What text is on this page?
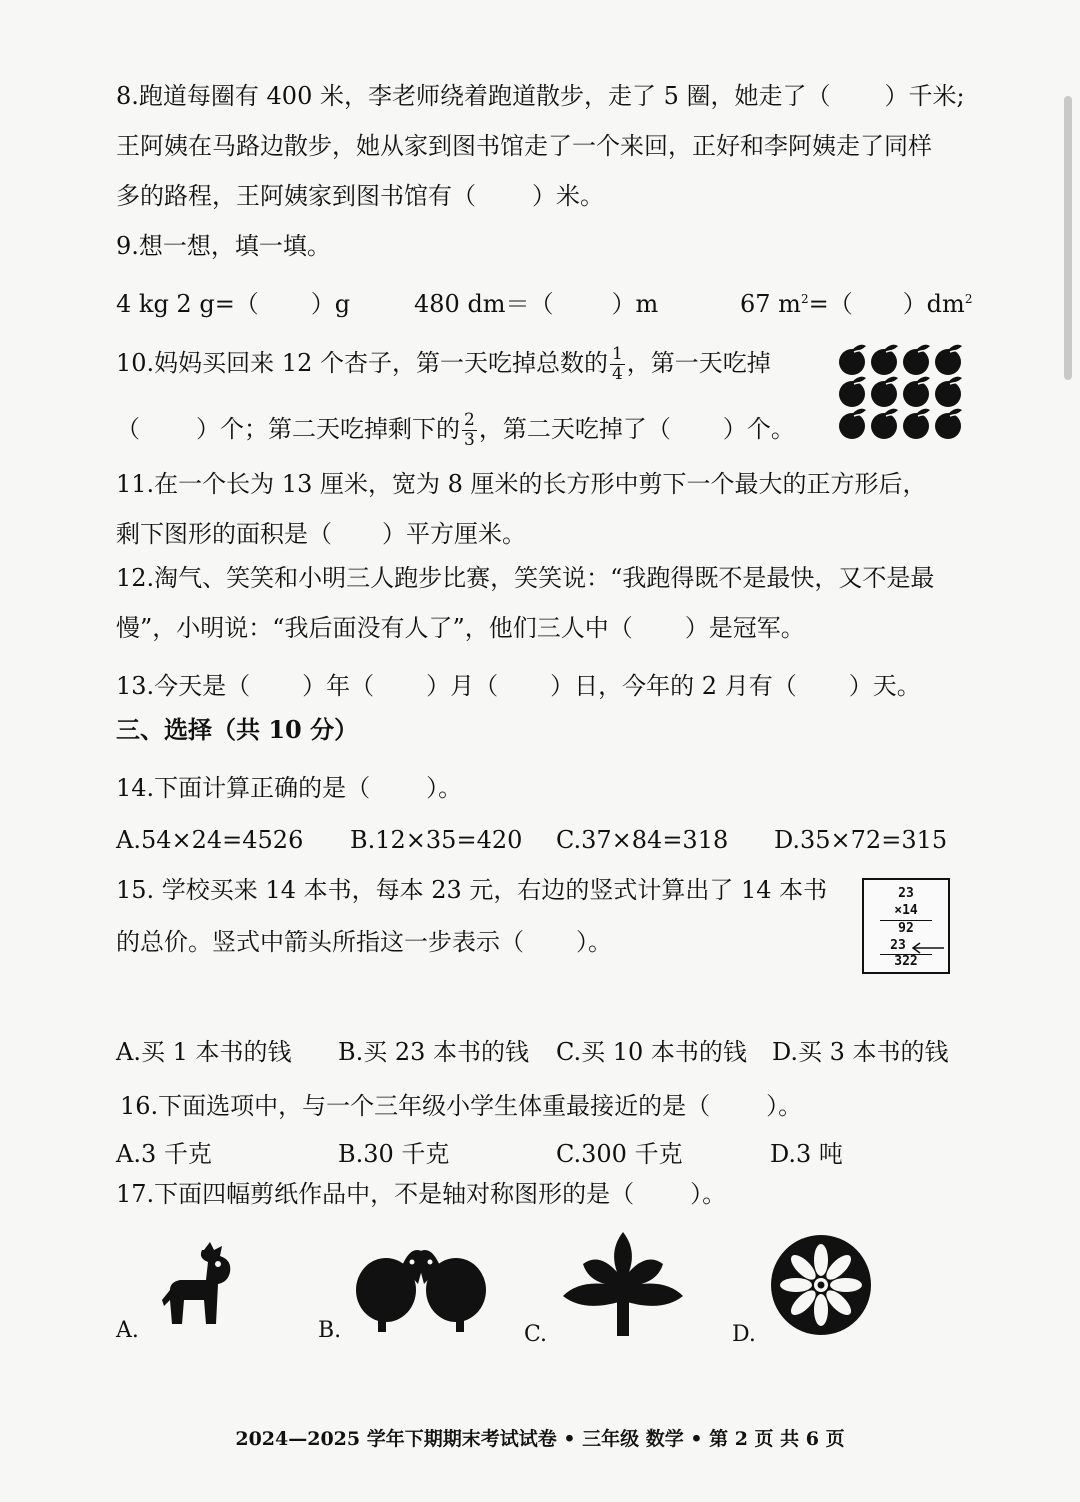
8.跑道每圈有 400 米，李老师绕着跑道散步，走了 5 圈，她走了（ ）千米;
王阿姨在马路边散步，她从家到图书馆走了一个来回，正好和李阿姨走了同样
多的路程，王阿姨家到图书馆有（ ）米。
9.想一想，填一填。
4 kg 2 g=（ ）g	480 dm＝（ ）m	67 $m^2=$（ ）$dm^2$
10.妈妈买回来 12 个杏子，第一天吃掉总数的 $\frac{1}{4}$ ，第一天吃掉
（ ）个；第二天吃掉剩下的 $\frac{2}{3}$ ，第二天吃掉了（ ）个。
11.在一个长为 13 厘米，宽为 8 厘米的长方形中剪下一个最大的正方形后，
剩下图形的面积是（ ）平方厘米。
12.淘气、笑笑和小明三人跑步比赛，笑笑说：“我跑得既不是最快，又不是最
慢”，小明说：“我后面没有人了”，他们三人中（ ）是冠军。
13.今天是（ ）年（ ）月（ ）日，今年的 2 月有（ ）天。
三、选择（共 10 分）
14.下面计算正确的是（ ）。
A.54×24=4526 B.12×35=420 C.37×84=318 D.35×72=315
15. 学校买来 14 本书，每本 23 元，右边的竖式计算出了 14 本书
的总价。竖式中箭头所指这一步表示（ ）。
23
×14
92
23
322
A.买 1 本书的钱 B.买 23 本书的钱 C.买 10 本书的钱 D.买 3 本书的钱
16.下面选项中，与一个三年级小学生体重最接近的是（ ）。
A.3 千克	B.30 千克	C.300 千克	D.3 吨
17.下面四幅剪纸作品中，不是轴对称图形的是（ ）。
A.	B.	C.	D.
2024—2025 学年下期期末考试试卷 • 三年级 数学 • 第 2 页 共 6 页
